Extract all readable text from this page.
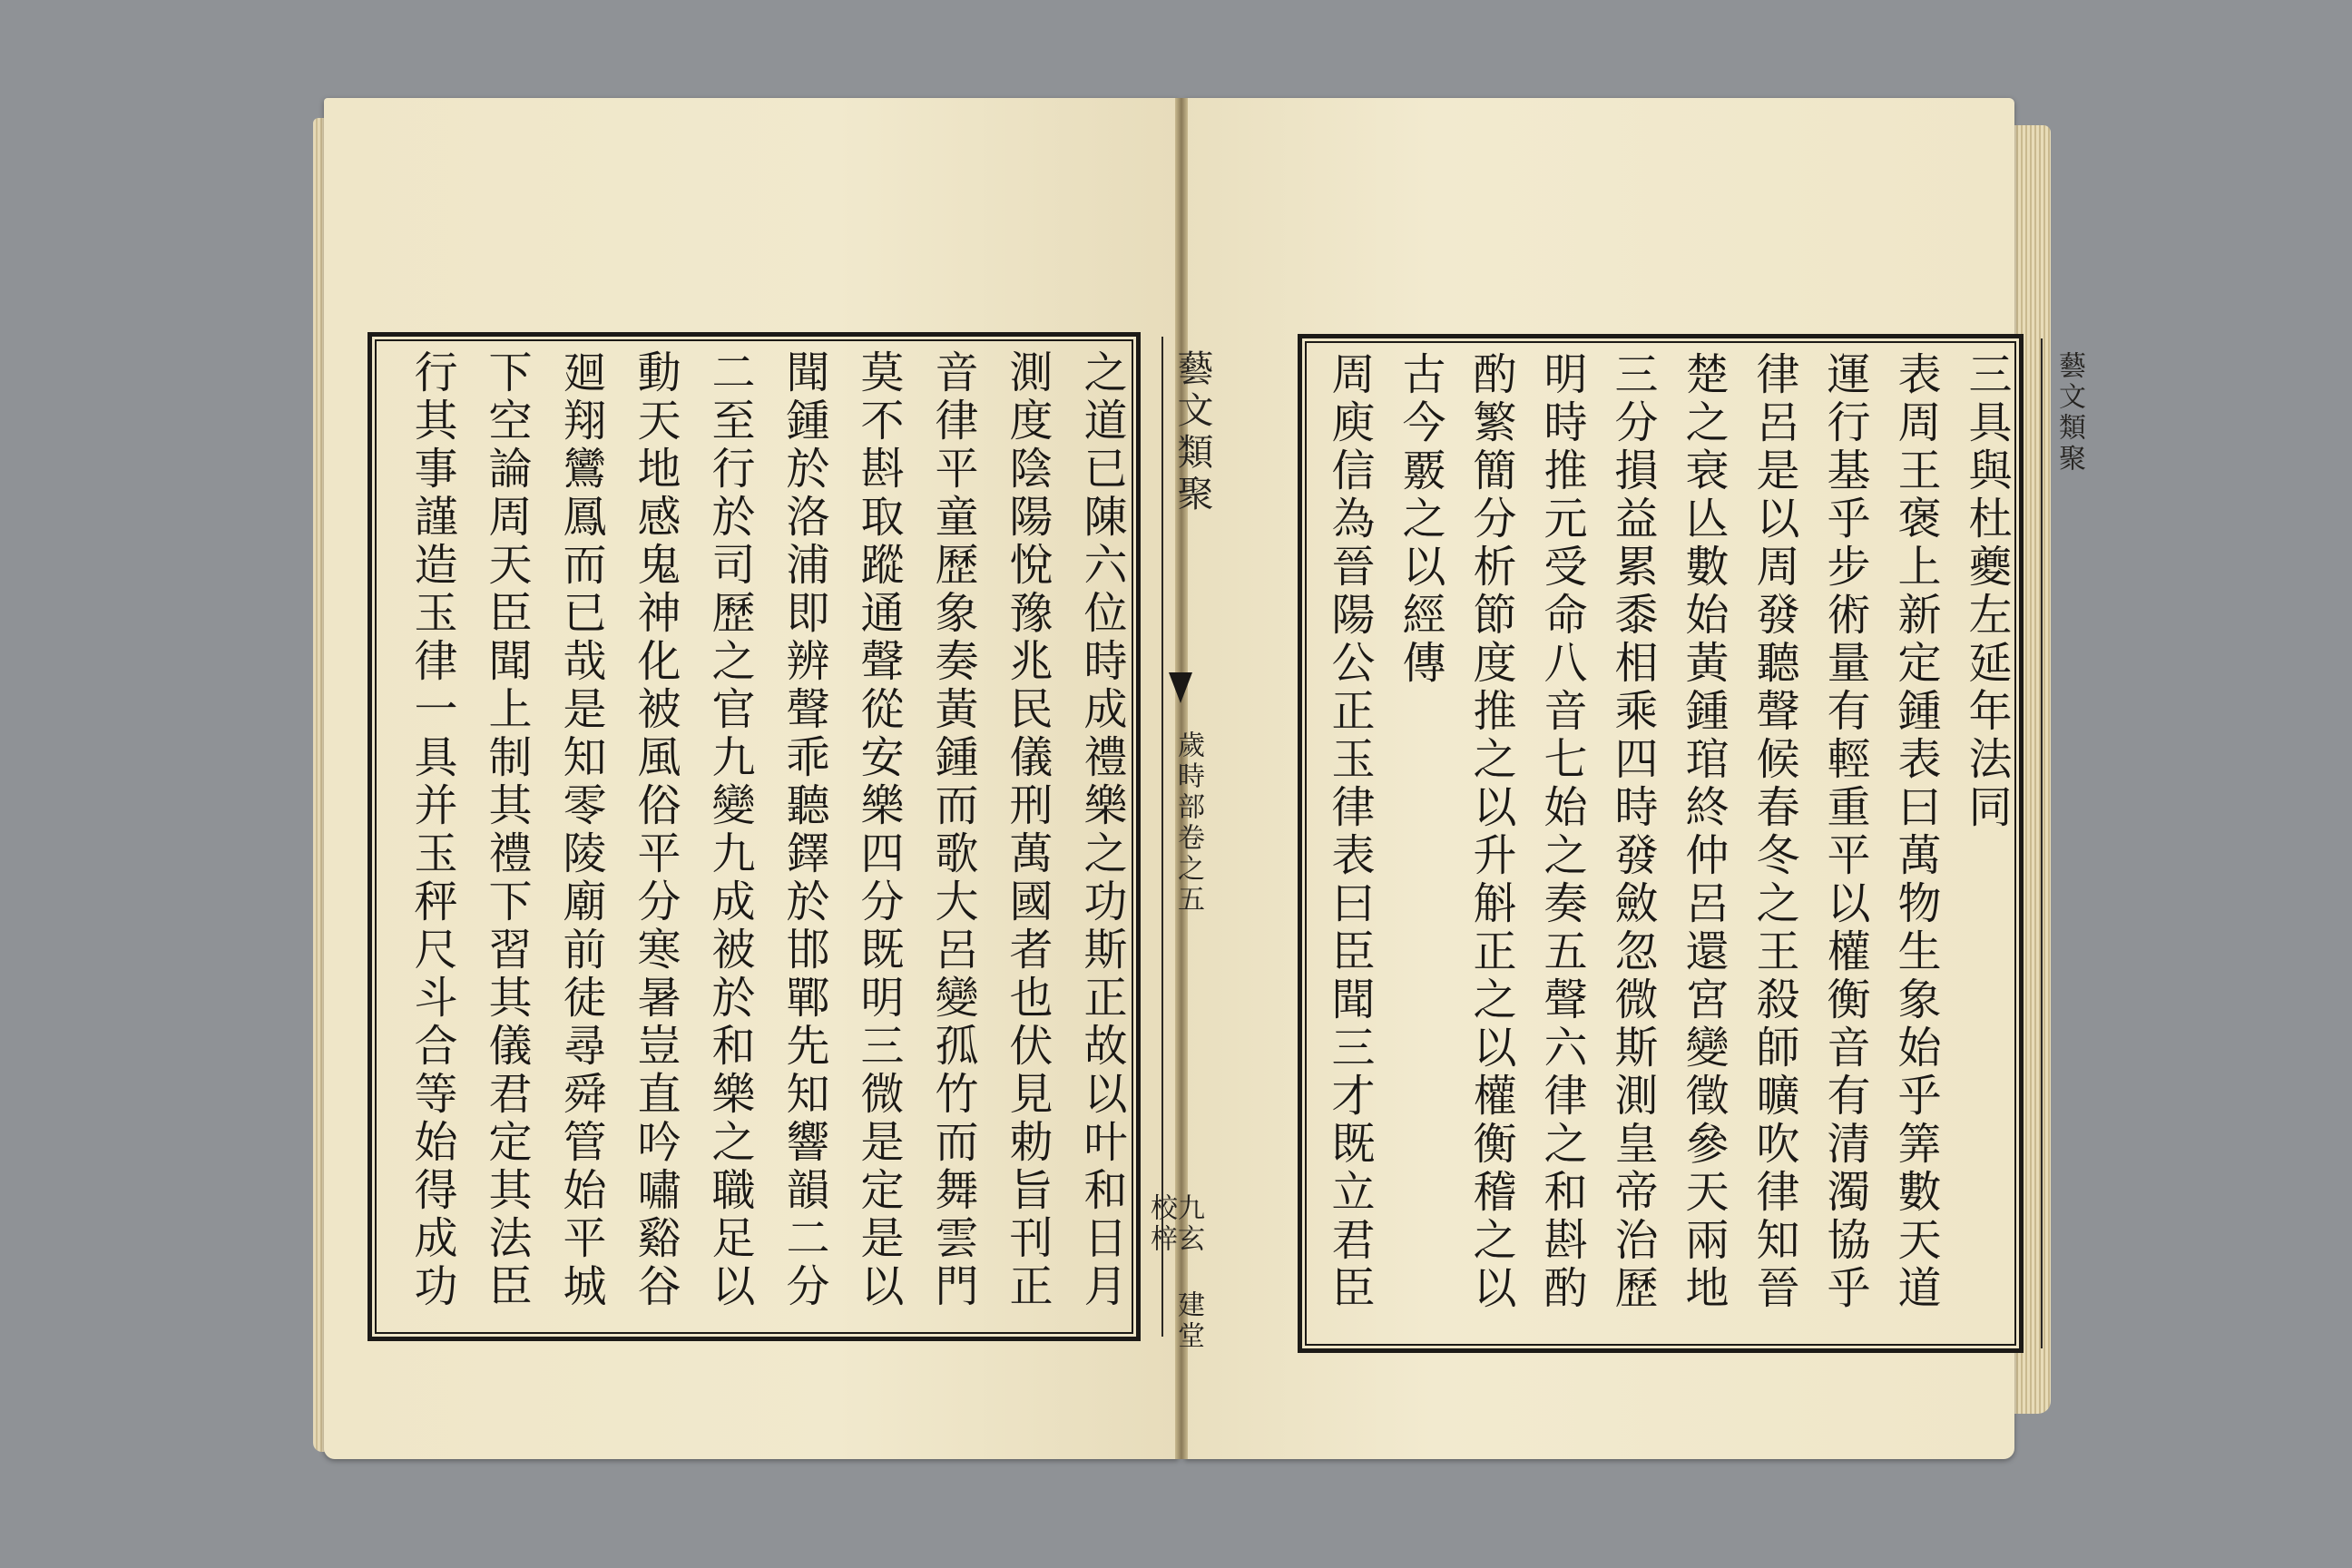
藝文類聚
歲時部卷之五
九玄 建堂校梓
之道已陳六位時成禮樂之功斯正故以叶和日月
測度陰陽悅豫兆民儀刑萬國者也伏見勅旨刊正
音律平童歷象奏黃鍾而歌大呂變孤竹而舞雲門
莫不斟取蹤通聲從安樂四分既明三微是定是以
聞鍾於洛浦即辨聲乖聽鐸於邯鄲先知響韻二分
二至行於司歷之官九變九成被於和樂之職足以
動天地感鬼神化被風俗平分寒暑豈直吟嘯谿谷
廻翔鸞鳳而已哉是知零陵廟前徒尋舜管始平城
下空論周天臣聞上制其禮下習其儀君定其法臣
行其事謹造玉律一具并玉秤尺斗合等始得成功	藝文類聚
三具與杜夔左延年法同
表周王褒上新定鍾表曰萬物生象始乎筭數天道
運行基乎步術量有輕重平以權衡音有清濁協乎
律呂是以周發聽聲候春冬之王殺師曠吹律知晉
楚之衰亾數始黃鍾琯終仲呂還宮變徵參天兩地
三分損益累黍相乘四時發斂忽微斯測皇帝治歷
明時推元受命八音七始之奏五聲六律之和斟酌
酌繁簡分析節度推之以升斛正之以權衡稽之以
古今覈之以經傳
周庾信為晉陽公正玉律表曰臣聞三才既立君臣
